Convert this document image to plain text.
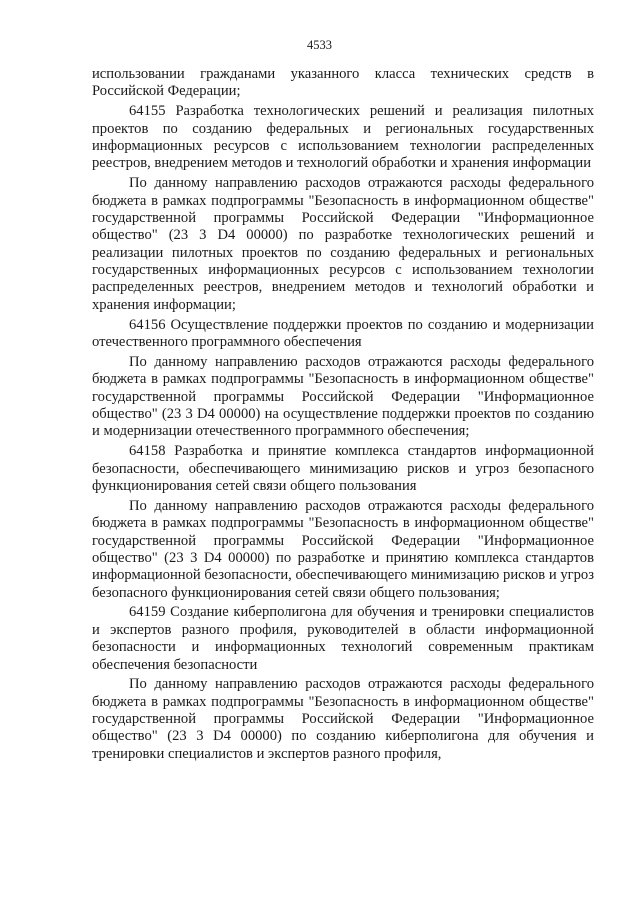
4533

использовании гражданами указанного класса технических средств в Российской Федерации;

64155 Разработка технологических решений и реализация пилотных проектов по созданию федеральных и региональных государственных информационных ресурсов с использованием технологии распределенных реестров, внедрением методов и технологий обработки и хранения информации

По данному направлению расходов отражаются расходы федерального бюджета в рамках подпрограммы "Безопасность в информационном обществе" государственной программы Российской Федерации "Информационное общество" (23 3 D4 00000) по разработке технологических решений и реализации пилотных проектов по созданию федеральных и региональных государственных информационных ресурсов с использованием технологии распределенных реестров, внедрением методов и технологий обработки и хранения информации;

64156 Осуществление поддержки проектов по созданию и модернизации отечественного программного обеспечения

По данному направлению расходов отражаются расходы федерального бюджета в рамках подпрограммы "Безопасность в информационном обществе" государственной программы Российской Федерации "Информационное общество" (23 3 D4 00000) на осуществление поддержки проектов по созданию и модернизации отечественного программного обеспечения;

64158 Разработка и принятие комплекса стандартов информационной безопасности, обеспечивающего минимизацию рисков и угроз безопасного функционирования сетей связи общего пользования

По данному направлению расходов отражаются расходы федерального бюджета в рамках подпрограммы "Безопасность в информационном обществе" государственной программы Российской Федерации "Информационное общество" (23 3 D4 00000) по разработке и принятию комплекса стандартов информационной безопасности, обеспечивающего минимизацию рисков и угроз безопасного функционирования сетей связи общего пользования;

64159 Создание киберполигона для обучения и тренировки специалистов и экспертов разного профиля, руководителей в области информационной безопасности и информационных технологий современным практикам обеспечения безопасности

По данному направлению расходов отражаются расходы федерального бюджета в рамках подпрограммы "Безопасность в информационном обществе" государственной программы Российской Федерации "Информационное общество" (23 3 D4 00000) по созданию киберполигона для обучения и тренировки специалистов и экспертов разного профиля,
